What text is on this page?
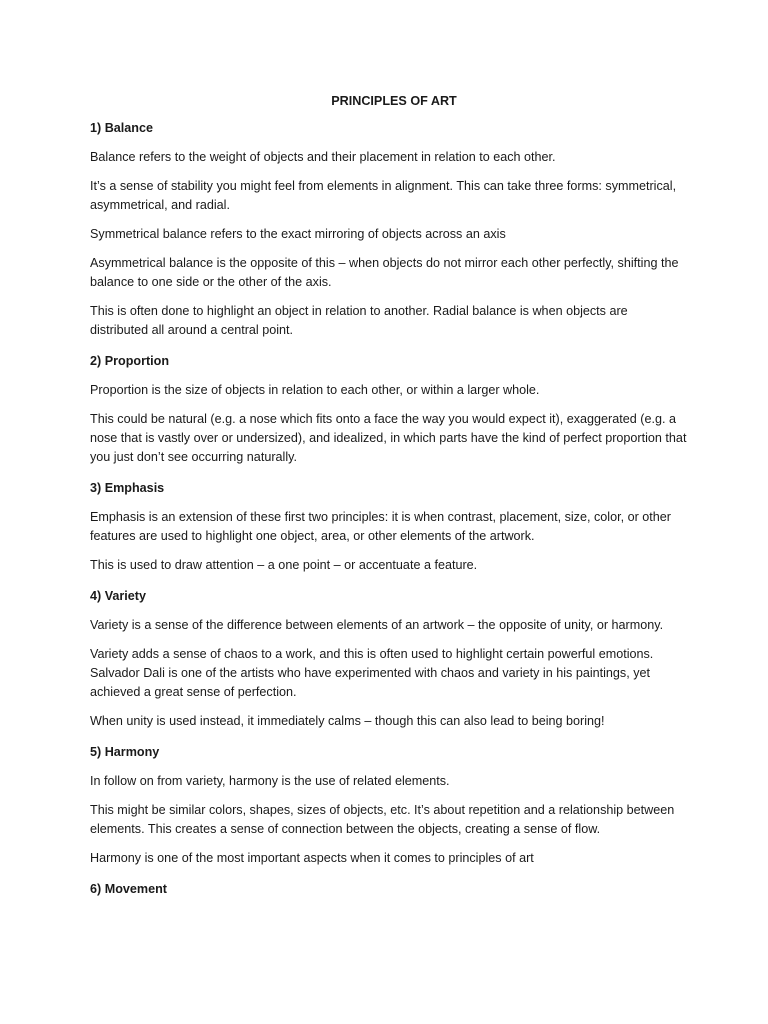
PRINCIPLES OF ART
1) Balance
Balance refers to the weight of objects and their placement in relation to each other.
It’s a sense of stability you might feel from elements in alignment. This can take three forms: symmetrical, asymmetrical, and radial.
Symmetrical balance refers to the exact mirroring of objects across an axis
Asymmetrical balance is the opposite of this – when objects do not mirror each other perfectly, shifting the balance to one side or the other of the axis.
This is often done to highlight an object in relation to another. Radial balance is when objects are distributed all around a central point.
2) Proportion
Proportion is the size of objects in relation to each other, or within a larger whole.
This could be natural (e.g. a nose which fits onto a face the way you would expect it), exaggerated (e.g. a nose that is vastly over or undersized), and idealized, in which parts have the kind of perfect proportion that you just don’t see occurring naturally.
3) Emphasis
Emphasis is an extension of these first two principles: it is when contrast, placement, size, color, or other features are used to highlight one object, area, or other elements of the artwork.
This is used to draw attention – a one point – or accentuate a feature.
4) Variety
Variety is a sense of the difference between elements of an artwork – the opposite of unity, or harmony.
Variety adds a sense of chaos to a work, and this is often used to highlight certain powerful emotions. Salvador Dali is one of the artists who have experimented with chaos and variety in his paintings, yet achieved a great sense of perfection.
When unity is used instead, it immediately calms – though this can also lead to being boring!
5) Harmony
In follow on from variety, harmony is the use of related elements.
This might be similar colors, shapes, sizes of objects, etc. It’s about repetition and a relationship between elements. This creates a sense of connection between the objects, creating a sense of flow.
Harmony is one of the most important aspects when it comes to principles of art
6) Movement
